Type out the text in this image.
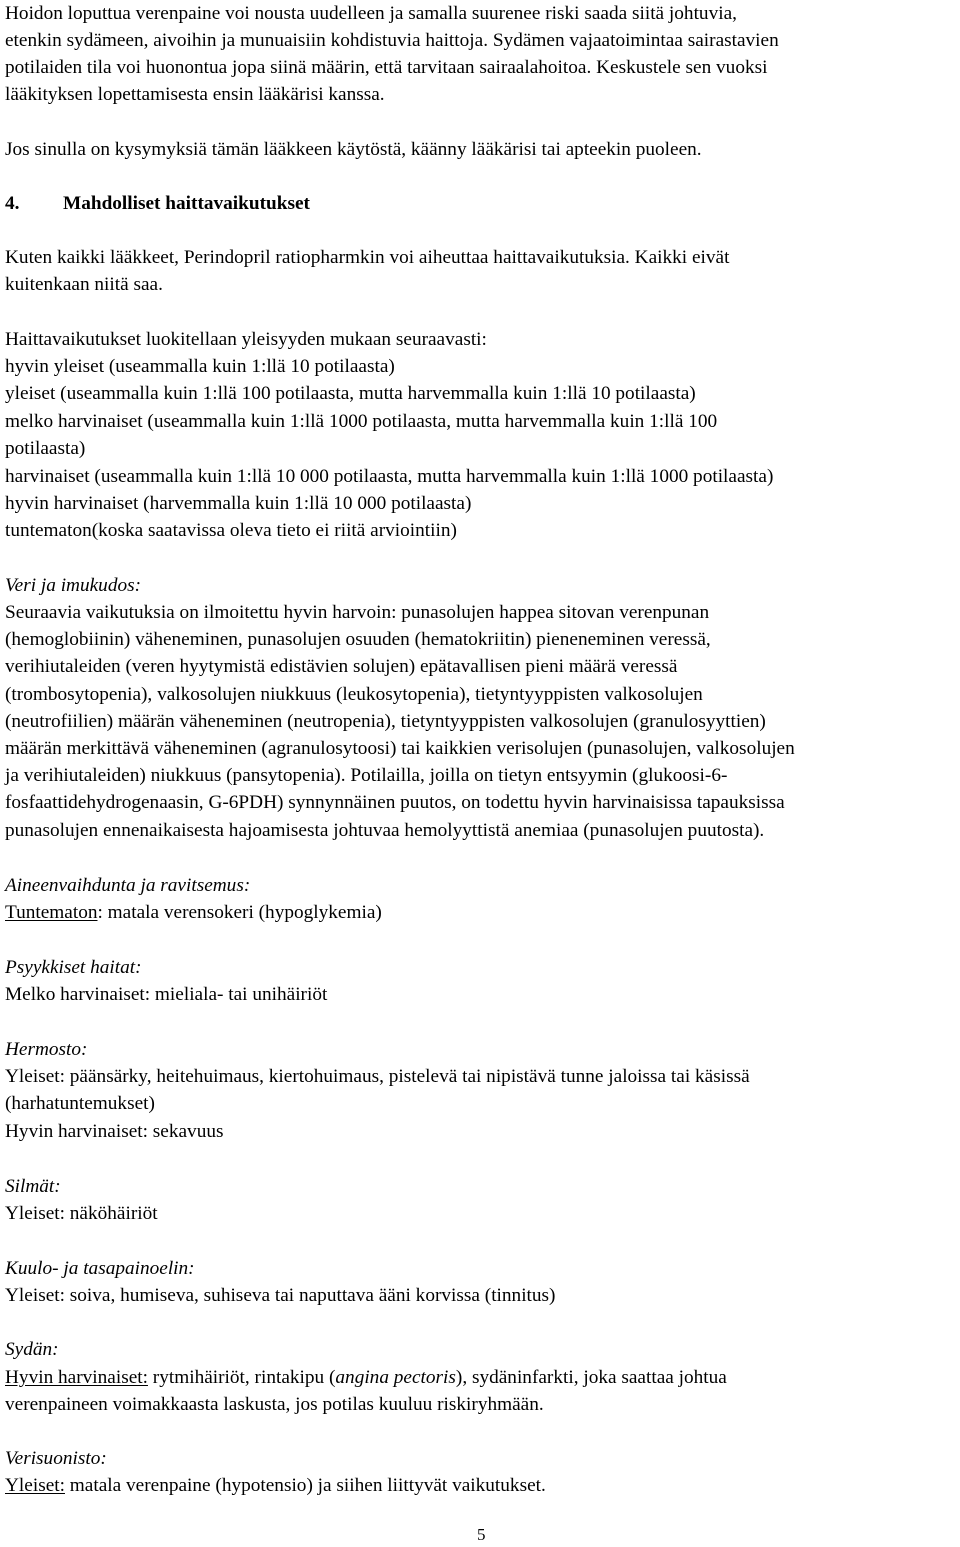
Hoidon loputtua verenpaine voi nousta uudelleen ja samalla suurenee riski saada siitä johtuvia,
etenkin sydämeen, aivoihin ja munuaisiin kohdistuvia haittoja. Sydämen vajaatoimintaa sairastavien
potilaiden tila voi huonontua jopa siinä määrin, että tarvitaan sairaalahoitoa. Keskustele sen vuoksi
lääkityksen lopettamisesta ensin lääkärisi kanssa.
Jos sinulla on kysymyksiä tämän lääkkeen käytöstä, käänny lääkärisi tai apteekin puoleen.
4. Mahdolliset haittavaikutukset
Kuten kaikki lääkkeet, Perindopril ratiopharmkin voi aiheuttaa haittavaikutuksia. Kaikki eivät
kuitenkaan niitä saa.
Haittavaikutukset luokitellaan yleisyyden mukaan seuraavasti:
hyvin yleiset (useammalla kuin 1:llä 10 potilaasta)
yleiset (useammalla kuin 1:llä 100 potilaasta, mutta harvemmalla kuin 1:llä 10 potilaasta)
melko harvinaiset (useammalla kuin 1:llä 1000 potilaasta, mutta harvemmalla kuin 1:llä 100
potilaasta)
harvinaiset (useammalla kuin 1:llä 10 000 potilaasta, mutta harvemmalla kuin 1:llä 1000 potilaasta)
hyvin harvinaiset (harvemmalla kuin 1:llä 10 000 potilaasta)
tuntematon(koska saatavissa oleva tieto ei riitä arviointiin)
Veri ja imukudos:
Seuraavia vaikutuksia on ilmoitettu hyvin harvoin: punasolujen happea sitovan verenpunan
(hemoglobiinin) väheneminen, punasolujen osuuden (hematokriitin) pieneneminen veressä,
verihiutaleiden (veren hyytymistä edistävien solujen) epätavallisen pieni määrä veressä
(trombosytopenia), valkosolujen niukkuus (leukosytopenia), tietyntyyppisten valkosolujen
(neutrofiilien) määrän väheneminen (neutropenia), tietyntyyppisten valkosolujen (granulosyyttien)
määrän merkittävä väheneminen (agranulosytoosi) tai kaikkien verisolujen (punasolujen, valkosolujen
ja verihiutaleiden) niukkuus (pansytopenia). Potilailla, joilla on tietyn entsyymin (glukoosi-6-
fosfaattidehydrogenaasin, G-6PDH) synnynnäinen puutos, on todettu hyvin harvinaisissa tapauksissa
punasolujen ennenaikaisesta hajoamisesta johtuvaa hemolyyttistä anemiaa (punasolujen puutosta).
Aineenvaihdunta ja ravitsemus:
Tuntematon: matala verensokeri (hypoglykemia)
Psyykkiset haitat:
Melko harvinaiset: mieliala- tai unihäiriöt
Hermosto:
Yleiset: päänsärky, heitehuimaus, kiertohuimaus, pistelevä tai nipistävä tunne jaloissa tai käsissä
(harhatuntemukset)
Hyvin harvinaiset: sekavuus
Silmät:
Yleiset: näköhäiriöt
Kuulo- ja tasapainoelin:
Yleiset: soiva, humiseva, suhiseva tai naputtava ääni korvissa (tinnitus)
Sydän:
Hyvin harvinaiset: rytmihäiriöt, rintakipu (angina pectoris), sydäninfarkti, joka saattaa johtua
verenpaineen voimakkaasta laskusta, jos potilas kuuluu riskiryhmään.
Verisuonisto:
Yleiset: matala verenpaine (hypotensio) ja siihen liittyvät vaikutukset.
5
